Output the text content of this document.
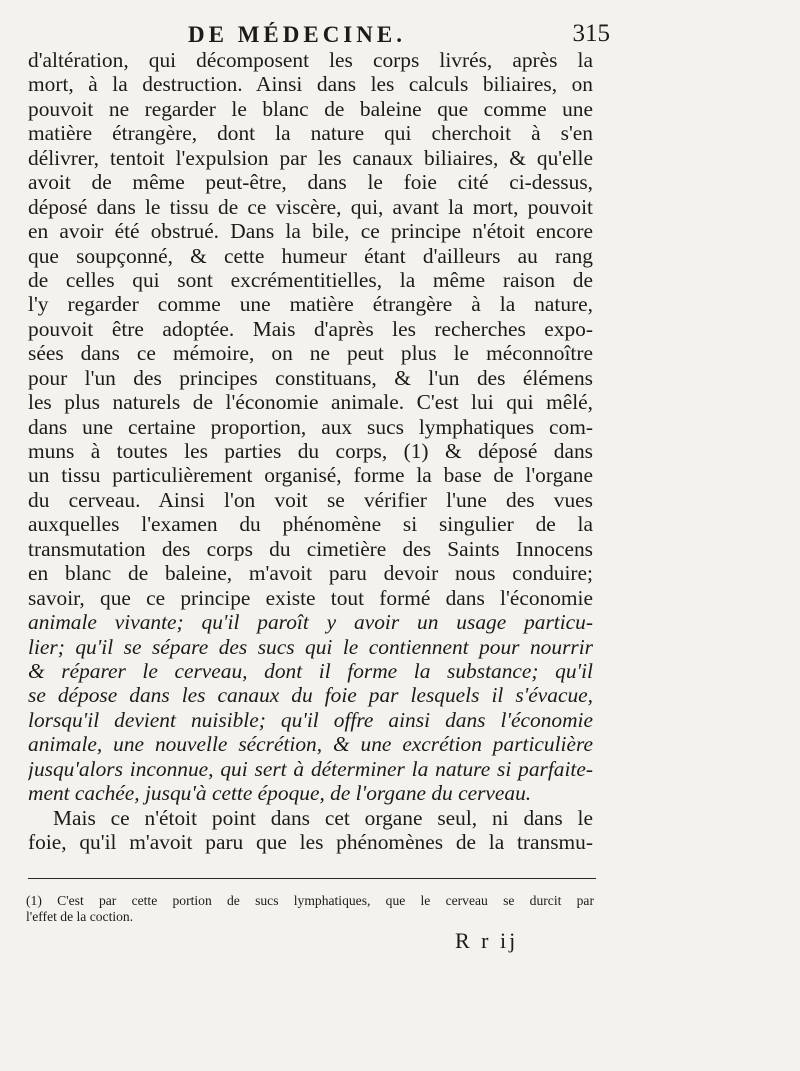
DE MÉDECINE.	315
d'altération, qui décomposent les corps livrés, après la
mort, à la destruction. Ainsi dans les calculs biliaires, on
pouvoit ne regarder le blanc de baleine que comme une
matière étrangère, dont la nature qui cherchoit à s'en
délivrer, tentoit l'expulsion par les canaux biliaires, & qu'elle
avoit de même peut-être, dans le foie cité ci-dessus,
déposé dans le tissu de ce viscère, qui, avant la mort, pouvoit
en avoir été obstrué. Dans la bile, ce principe n'étoit encore
que soupçonné, & cette humeur étant d'ailleurs au rang
de celles qui sont excrémentitielles, la même raison de
l'y regarder comme une matière étrangère à la nature,
pouvoit être adoptée. Mais d'après les recherches expo-
sées dans ce mémoire, on ne peut plus le méconnoître
pour l'un des principes constituans, & l'un des élémens
les plus naturels de l'économie animale. C'est lui qui mêlé,
dans une certaine proportion, aux sucs lymphatiques com-
muns à toutes les parties du corps, (1) & déposé dans
un tissu particulièrement organisé, forme la base de l'organe
du cerveau. Ainsi l'on voit se vérifier l'une des vues
auxquelles l'examen du phénomène si singulier de la
transmutation des corps du cimetière des Saints Innocens
en blanc de baleine, m'avoit paru devoir nous conduire;
savoir, que ce principe existe tout formé dans l'économie
animale vivante; qu'il paroît y avoir un usage particu-
lier; qu'il se sépare des sucs qui le contiennent pour nourrir
& réparer le cerveau, dont il forme la substance; qu'il
se dépose dans les canaux du foie par lesquels il s'évacue,
lorsqu'il devient nuisible; qu'il offre ainsi dans l'économie
animale, une nouvelle sécrétion, & une excrétion particulière
jusqu'alors inconnue, qui sert à déterminer la nature si parfaite-
ment cachée, jusqu'à cette époque, de l'organe du cerveau.
Mais ce n'étoit point dans cet organe seul, ni dans le
foie, qu'il m'avoit paru que les phénomènes de la transmu-
(1) C'est par cette portion de sucs lymphatiques, que le cerveau se durcit par
l'effet de la coction.
R r ij
